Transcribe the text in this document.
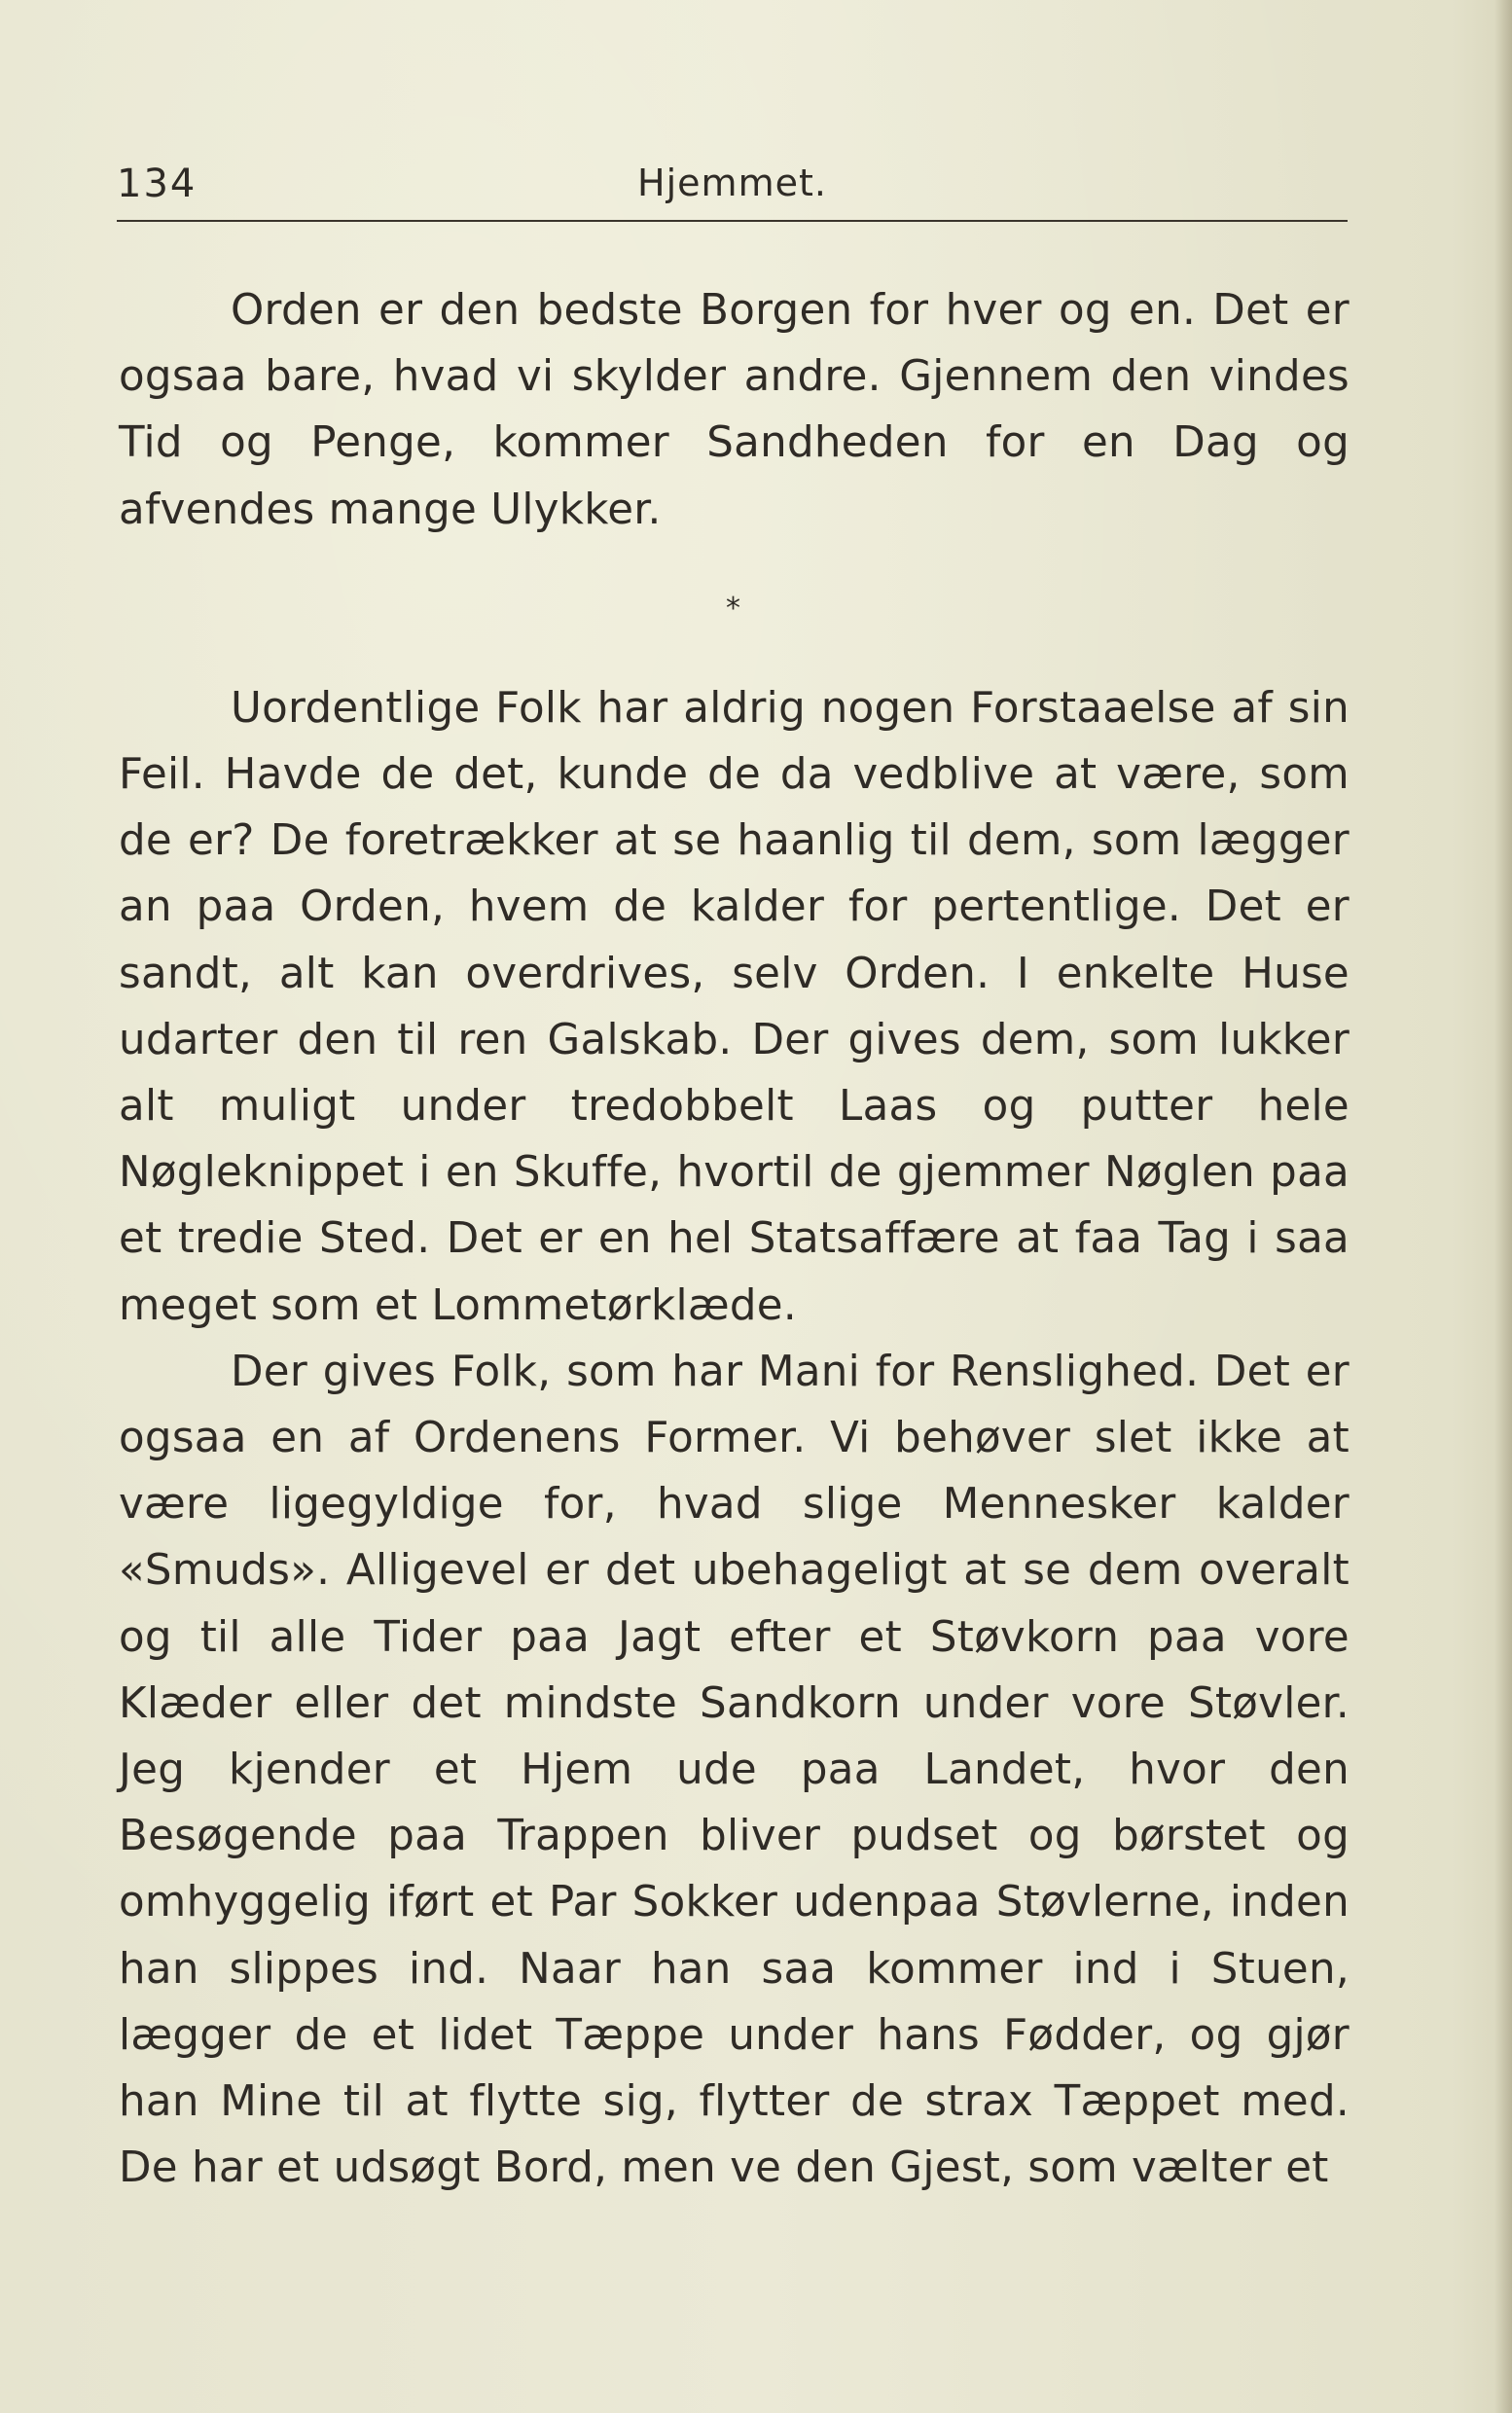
134	Hjemmet.

Orden er den bedste Borgen for hver og en. Det er ogsaa bare, hvad vi skylder andre. Gjennem den vindes Tid og Penge, kommer Sandheden for en Dag og afvendes mange Ulykker.

*

Uordentlige Folk har aldrig nogen Forstaaelse af sin Feil. Havde de det, kunde de da vedblive at være, som de er? De foretrækker at se haanlig til dem, som lægger an paa Orden, hvem de kalder for pertentlige. Det er sandt, alt kan overdrives, selv Orden. I enkelte Huse udarter den til ren Galskab. Der gives dem, som lukker alt muligt under tredobbelt Laas og putter hele Nøgleknippet i en Skuffe, hvortil de gjemmer Nøglen paa et tredie Sted. Det er en hel Statsaffære at faa Tag i saa meget som et Lommetørklæde.

Der gives Folk, som har Mani for Renslighed. Det er ogsaa en af Ordenens Former. Vi behøver slet ikke at være ligegyldige for, hvad slige Mennesker kalder «Smuds». Alligevel er det ubehageligt at se dem overalt og til alle Tider paa Jagt efter et Støvkorn paa vore Klæder eller det mindste Sandkorn under vore Støvler. Jeg kjender et Hjem ude paa Landet, hvor den Besøgende paa Trappen bliver pudset og børstet og omhyggelig iført et Par Sokker udenpaa Støvlerne, inden han slippes ind. Naar han saa kommer ind i Stuen, lægger de et lidet Tæppe under hans Fødder, og gjør han Mine til at flytte sig, flytter de strax Tæppet med. De har et udsøgt Bord, men ve den Gjest, som vælter et
